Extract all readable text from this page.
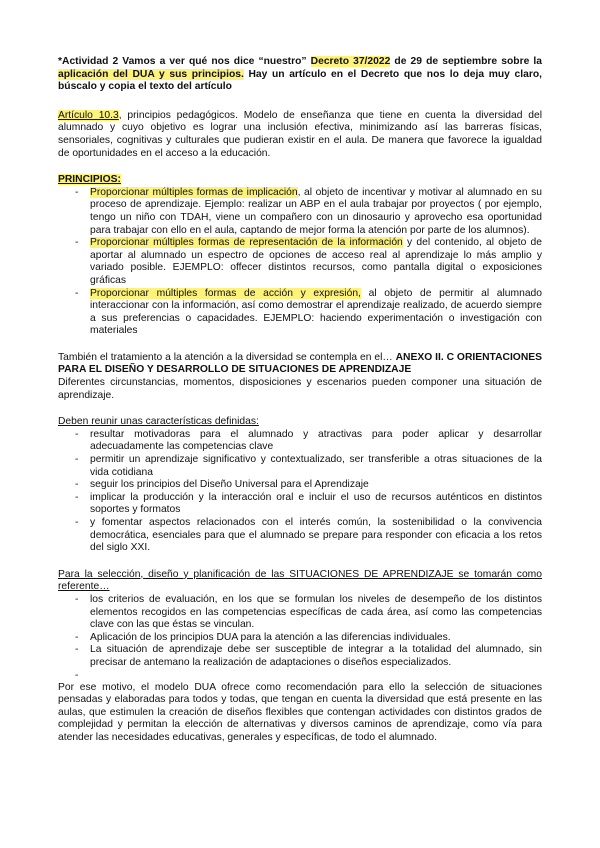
*Actividad 2 Vamos a ver qué nos dice “nuestro” Decreto 37/2022 de 29 de septiembre sobre la aplicación del DUA y sus principios. Hay un artículo en el Decreto que nos lo deja muy claro, búscalo y copia el texto del artículo

Artículo 10.3, principios pedagógicos. Modelo de enseñanza que tiene en cuenta la diversidad del alumnado y cuyo objetivo es lograr una inclusión efectiva, minimizando así las barreras físicas, sensoriales, cognitivas y culturales que pudieran existir en el aula. De manera que favorece la igualdad de oportunidades en el acceso a la educación.

PRINCIPIOS:

- Proporcionar múltiples formas de implicación, al objeto de incentivar y motivar al alumnado en su proceso de aprendizaje. Ejemplo: realizar un ABP en el aula trabajar por proyectos ( por ejemplo, tengo un niño con TDAH, viene un compañero con un dinosaurio y aprovecho esa oportunidad para trabajar con ello en el aula, captando de mejor forma la atención por parte de los alumnos).
- Proporcionar múltiples formas de representación de la información y del contenido, al objeto de aportar al alumnado un espectro de opciones de acceso real al aprendizaje lo más amplio y variado posible. EJEMPLO: offecer distintos recursos, como pantalla digital o exposiciones gráficas
- Proporcionar múltiples formas de acción y expresión, al objeto de permitir al alumnado interaccionar con la información, así como demostrar el aprendizaje realizado, de acuerdo siempre a sus preferencias o capacidades. EJEMPLO: haciendo experimentación o investigación con materiales

También el tratamiento a la atención a la diversidad se contempla en el… ANEXO II. C ORIENTACIONES PARA EL DISEÑO Y DESARROLLO DE SITUACIONES DE APRENDIZAJE

Diferentes circunstancias, momentos, disposiciones y escenarios pueden componer una situación de aprendizaje.

Deben reunir unas características definidas:

- resultar motivadoras para el alumnado y atractivas para poder aplicar y desarrollar adecuadamente las competencias clave
- permitir un aprendizaje significativo y contextualizado, ser transferible a otras situaciones de la vida cotidiana
- seguir los principios del Diseño Universal para el Aprendizaje
- implicar la producción y la interacción oral e incluir el uso de recursos auténticos en distintos soportes y formatos
- y fomentar aspectos relacionados con el interés común, la sostenibilidad o la convivencia democrática, esenciales para que el alumnado se prepare para responder con eficacia a los retos del siglo XXI.

Para la selección, diseño y planificación de las SITUACIONES DE APRENDIZAJE se tomarán como referente…

- los criterios de evaluación, en los que se formulan los niveles de desempeño de los distintos elementos recogidos en las competencias específicas de cada área, así como las competencias clave con las que éstas se vinculan.
- Aplicación de los principios DUA para la atención a las diferencias individuales.
- La situación de aprendizaje debe ser susceptible de integrar a la totalidad del alumnado, sin precisar de antemano la realización de adaptaciones o diseños especializados.
-

Por ese motivo, el modelo DUA ofrece como recomendación para ello la selección de situaciones pensadas y elaboradas para todos y todas, que tengan en cuenta la diversidad que está presente en las aulas, que estimulen la creación de diseños flexibles que contengan actividades con distintos grados de complejidad y permitan la elección de alternativas y diversos caminos de aprendizaje, como vía para atender las necesidades educativas, generales y específicas, de todo el alumnado.
